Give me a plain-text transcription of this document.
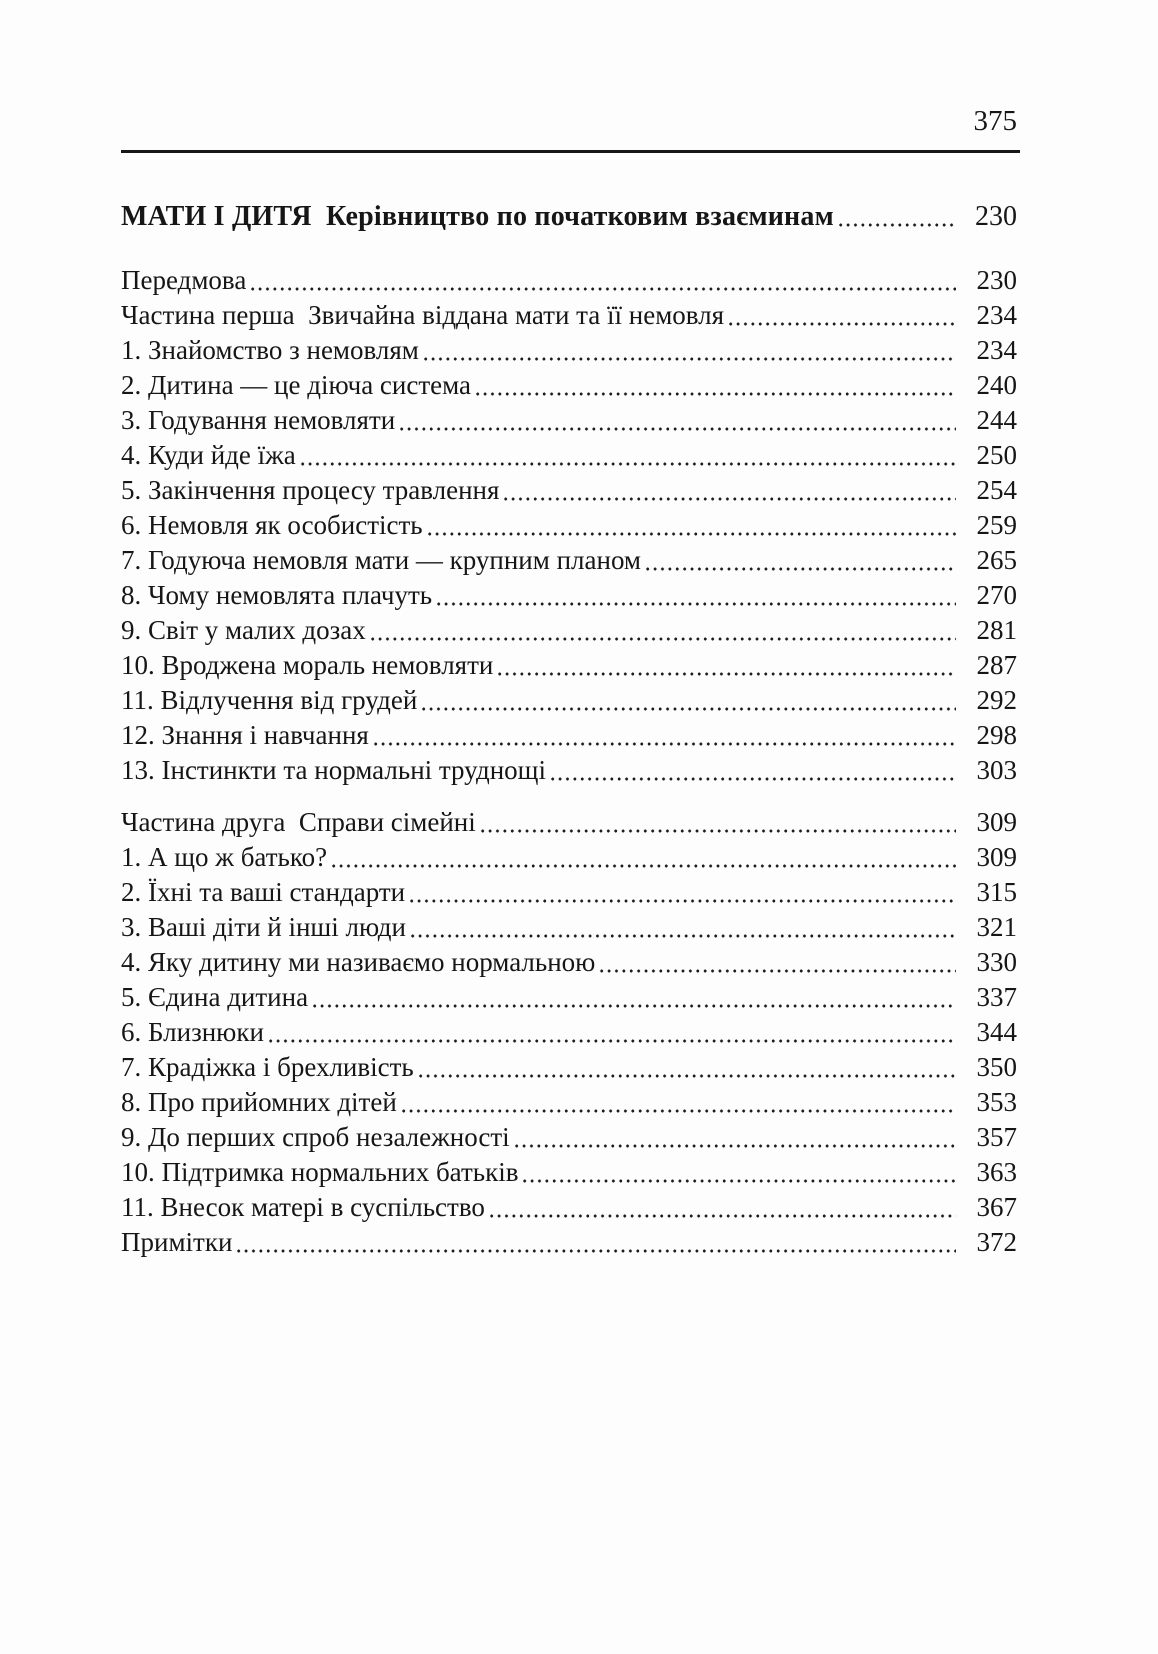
375
МАТИ І ДИТЯ  Керівництво по початковим взаєминам	230
Передмова	230
Частина перша  Звичайна віддана мати та її немовля	234
1. Знайомство з немовлям	234
2. Дитина — це діюча система	240
3. Годування немовляти	244
4. Куди йде їжа	250
5. Закінчення процесу травлення	254
6. Немовля як особистість	259
7. Годуюча немовля мати — крупним планом	265
8. Чому немовлята плачуть	270
9. Світ у малих дозах	281
10. Вроджена мораль немовляти	287
11. Відлучення від грудей	292
12. Знання і навчання	298
13. Інстинкти та нормальні труднощі	303
Частина друга  Справи сімейні	309
1. А що ж батько?	309
2. Їхні та ваші стандарти	315
3. Ваші діти й інші люди	321
4. Яку дитину ми називаємо нормальною	330
5. Єдина дитина	337
6. Близнюки	344
7. Крадіжка і брехливість	350
8. Про прийомних дітей	353
9. До перших спроб незалежності	357
10. Підтримка нормальних батьків	363
11. Внесок матері в суспільство	367
Примітки	372
